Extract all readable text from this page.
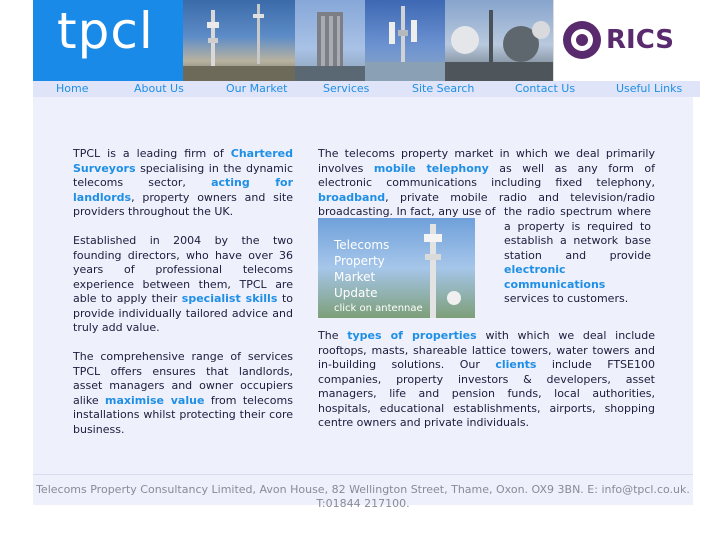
tpcl	RICS
Home	About Us	Our Market	Services	Site Search	Contact Us	Useful Links

TPCL is a leading firm of Chartered Surveyors specialising in the dynamic telecoms sector, acting for landlords, property owners and site providers throughout the UK.

Established in 2004 by the two founding directors, who have over 36 years of professional telecoms experience between them, TPCL are able to apply their specialist skills to provide individually tailored advice and truly add value.

The comprehensive range of services TPCL offers ensures that landlords, asset managers and owner occupiers alike maximise value from telecoms installations whilst protecting their core business.

The telecoms property market in which we deal primarily involves mobile telephony as well as any form of electronic communications including fixed telephony, broadband, private mobile radio and television/radio broadcasting. In fact, any use of

Telecoms
Property
Market
Update
click on antennae
the radio spectrum where a property is required to establish a network base station and provide electronic communications services to customers.
The types of properties with which we deal include rooftops, masts, shareable lattice towers, water towers and in-building solutions. Our clients include FTSE100 companies, property investors & developers, asset managers, life and pension funds, local authorities, hospitals, educational establishments, airports, shopping centre owners and private individuals.
Telecoms Property Consultancy Limited, Avon House, 82 Wellington Street, Thame, Oxon. OX9 3BN. E: info@tpcl.co.uk. T:01844 217100.
